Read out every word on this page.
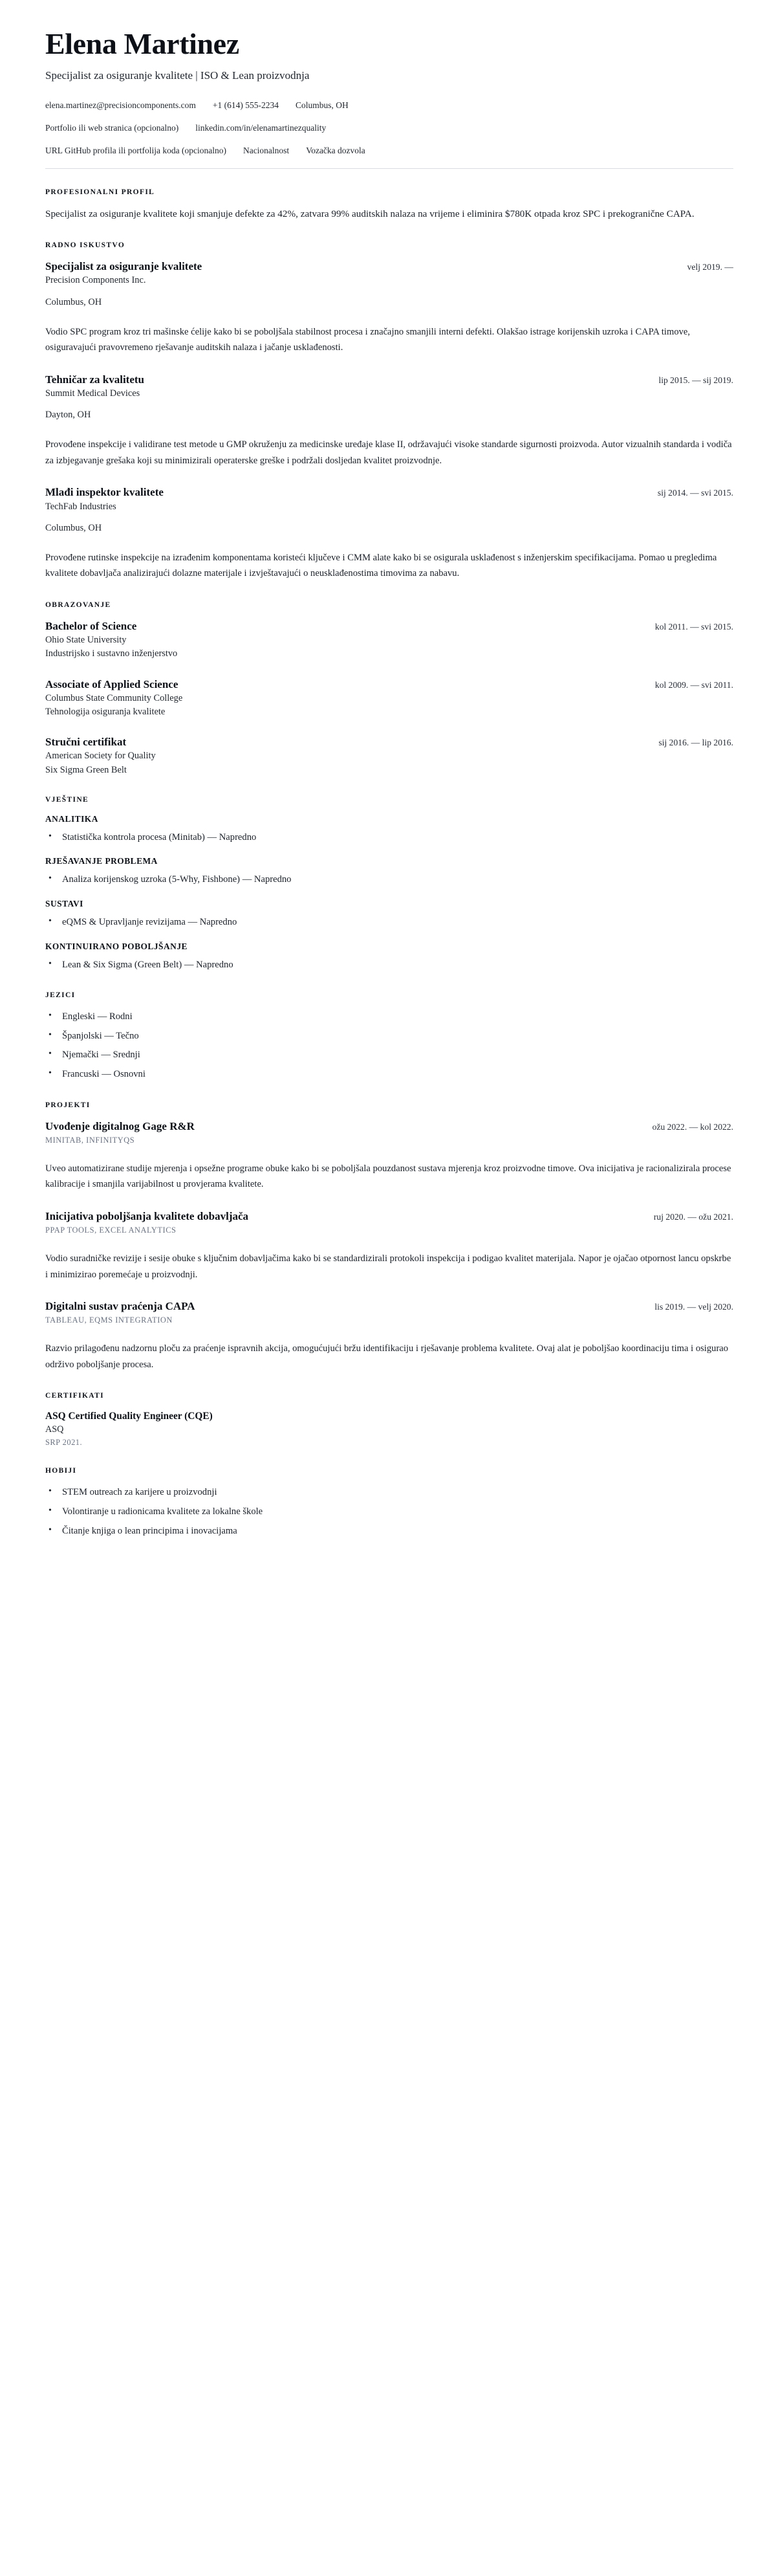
Elena Martinez

Specijalist za osiguranje kvalitete | ISO & Lean proizvodnja

elena.martinez@precisioncomponents.com +1 (614) 555-2234 Columbus, OH
Portfolio ili web stranica (opcionalno) linkedin.com/in/elenamartinezquality
URL GitHub profila ili portfolija koda (opcionalno) Nacionalnost Vozačka dozvola
PROFESIONALNI PROFIL

Specijalist za osiguranje kvalitete koji smanjuje defekte za 42%, zatvara 99% auditskih nalaza na vrijeme i eliminira $780K otpada kroz SPC i prekogranične CAPA.

RADNO ISKUSTVO
Specijalist za osiguranje kvalitete	velj 2019. —

Precision Components Inc.

Columbus, OH

Vodio SPC program kroz tri mašinske ćelije kako bi se poboljšala stabilnost procesa i značajno smanjili interni defekti. Olakšao istrage korijenskih uzroka i CAPA timove, osiguravajući pravovremeno rješavanje auditskih nalaza i jačanje usklađenosti.

Tehničar za kvalitetu	lip 2015. — sij 2019.

Summit Medical Devices

Dayton, OH

Provođene inspekcije i validirane test metode u GMP okruženju za medicinske uređaje klase II, održavajući visoke standarde sigurnosti proizvoda. Autor vizualnih standarda i vodiča za izbjegavanje grešaka koji su minimizirali operaterske greške i podržali dosljedan kvalitet proizvodnje.

Mlađi inspektor kvalitete	sij 2014. — svi 2015.

TechFab Industries

Columbus, OH

Provođene rutinske inspekcije na izrađenim komponentama koristeći ključeve i CMM alate kako bi se osigurala usklađenost s inženjerskim specifikacijama. Pomao u pregledima kvalitete dobavljača analizirajući dolazne materijale i izvještavajući o neusklađenostima timovima za nabavu.

OBRAZOVANJE
Bachelor of Science	kol 2011. — svi 2015.

Ohio State University

Industrijsko i sustavno inženjerstvo

Associate of Applied Science	kol 2009. — svi 2011.

Columbus State Community College

Tehnologija osiguranja kvalitete

Stručni certifikat	sij 2016. — lip 2016.

American Society for Quality

Six Sigma Green Belt

VJEŠTINE
ANALITIKA
• Statistička kontrola procesa (Minitab) — Napredno
RJEŠAVANJE PROBLEMA
• Analiza korijenskog uzroka (5-Why, Fishbone) — Napredno
SUSTAVI
• eQMS & Upravljanje revizijama — Napredno
KONTINUIRANO POBOLJŠANJE
• Lean & Six Sigma (Green Belt) — Napredno
JEZICI
• Engleski — Rodni
• Španjolski — Tečno
• Njemački — Srednji
• Francuski — Osnovni
PROJEKTI
Uvođenje digitalnog Gage R&R	ožu 2022. — kol 2022.

MINITAB, INFINITYQS

Uveo automatizirane studije mjerenja i opsežne programe obuke kako bi se poboljšala pouzdanost sustava mjerenja kroz proizvodne timove. Ova inicijativa je racionalizirala procese kalibracije i smanjila varijabilnost u provjerama kvalitete.

Inicijativa poboljšanja kvalitete dobavljača	ruj 2020. — ožu 2021.

PPAP TOOLS, EXCEL ANALYTICS

Vodio suradničke revizije i sesije obuke s ključnim dobavljačima kako bi se standardizirali protokoli inspekcija i podigao kvalitet materijala. Napor je ojačao otpornost lancu opskrbe i minimizirao poremećaje u proizvodnji.

Digitalni sustav praćenja CAPA	lis 2019. — velj 2020.

TABLEAU, EQMS INTEGRATION

Razvio prilagođenu nadzornu ploču za praćenje ispravnih akcija, omogućujući bržu identifikaciju i rješavanje problema kvalitete. Ovaj alat je poboljšao koordinaciju tima i osigurao održivo poboljšanje procesa.

CERTIFIKATI
ASQ Certified Quality Engineer (CQE)

ASQ

SRP 2021.

HOBIJI
• STEM outreach za karijere u proizvodnji
• Volontiranje u radionicama kvalitete za lokalne škole
• Čitanje knjiga o lean principima i inovacijama
